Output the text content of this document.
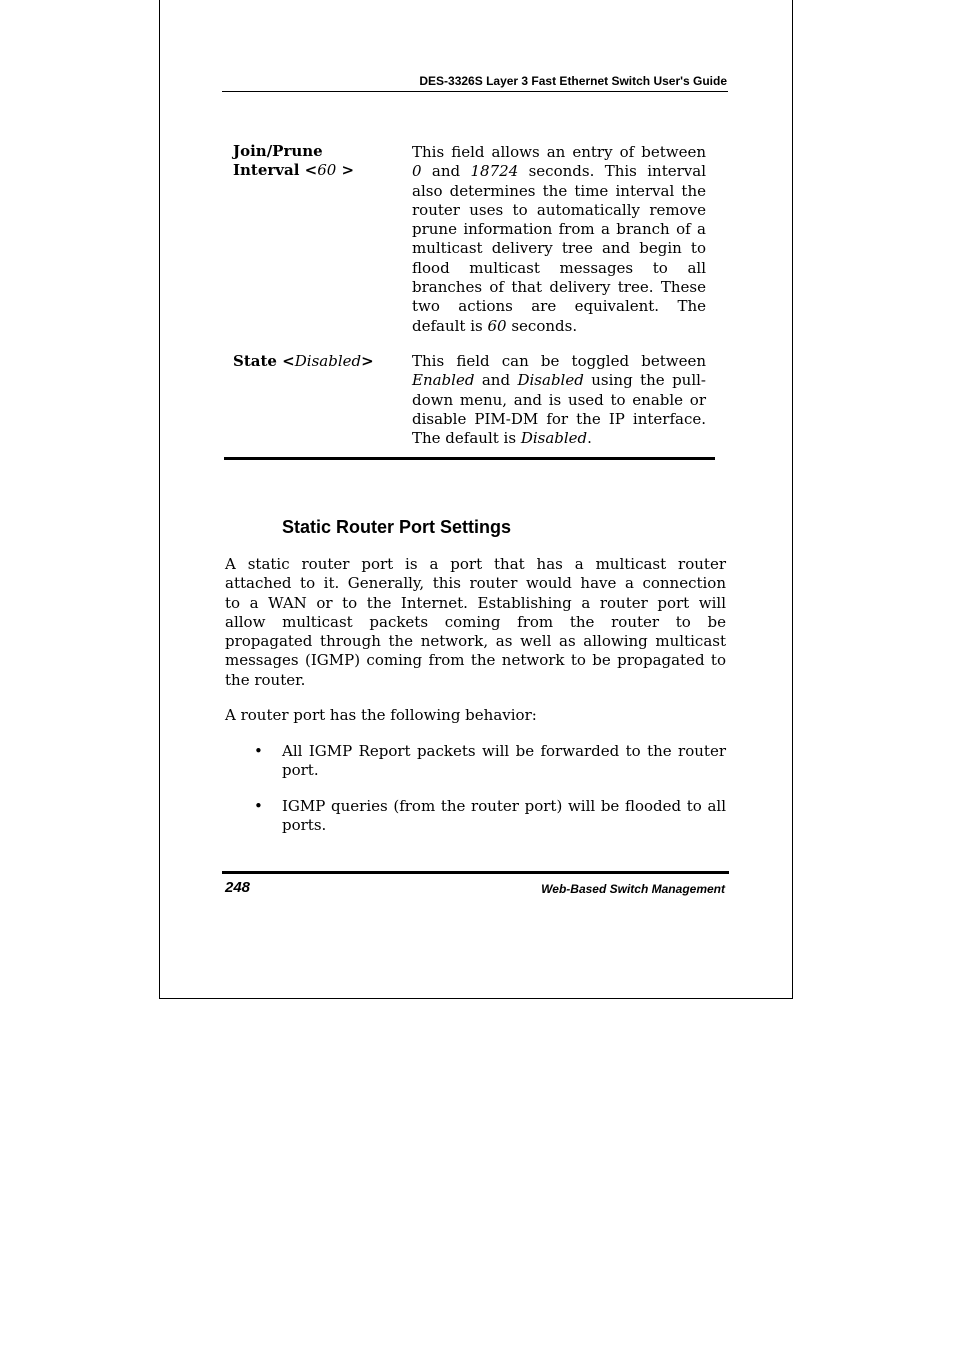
DES-3326S Layer 3 Fast Ethernet Switch User's Guide
Join/Prune
Interval <60 >
This field allows an entry of between
0 and 18724 seconds. This interval
also determines the time interval the
router uses to automatically remove
prune information from a branch of a
multicast delivery tree and begin to
flood multicast messages to all
branches of that delivery tree. These
two actions are equivalent. The
default is 60 seconds.
State <Disabled>	This field can be toggled between
Enabled and Disabled using the pull-
down menu, and is used to enable or
disable PIM-DM for the IP interface.
The default is Disabled.
Static Router Port Settings
A static router port is a port that has a multicast router
attached to it. Generally, this router would have a connection
to a WAN or to the Internet. Establishing a router port will
allow multicast packets coming from the router to be
propagated through the network, as well as allowing multicast
messages (IGMP) coming from the network to be propagated to
the router.
A router port has the following behavior:
• All IGMP Report packets will be forwarded to the router
port.
• IGMP queries (from the router port) will be flooded to all
ports.
248	Web-Based Switch Management
